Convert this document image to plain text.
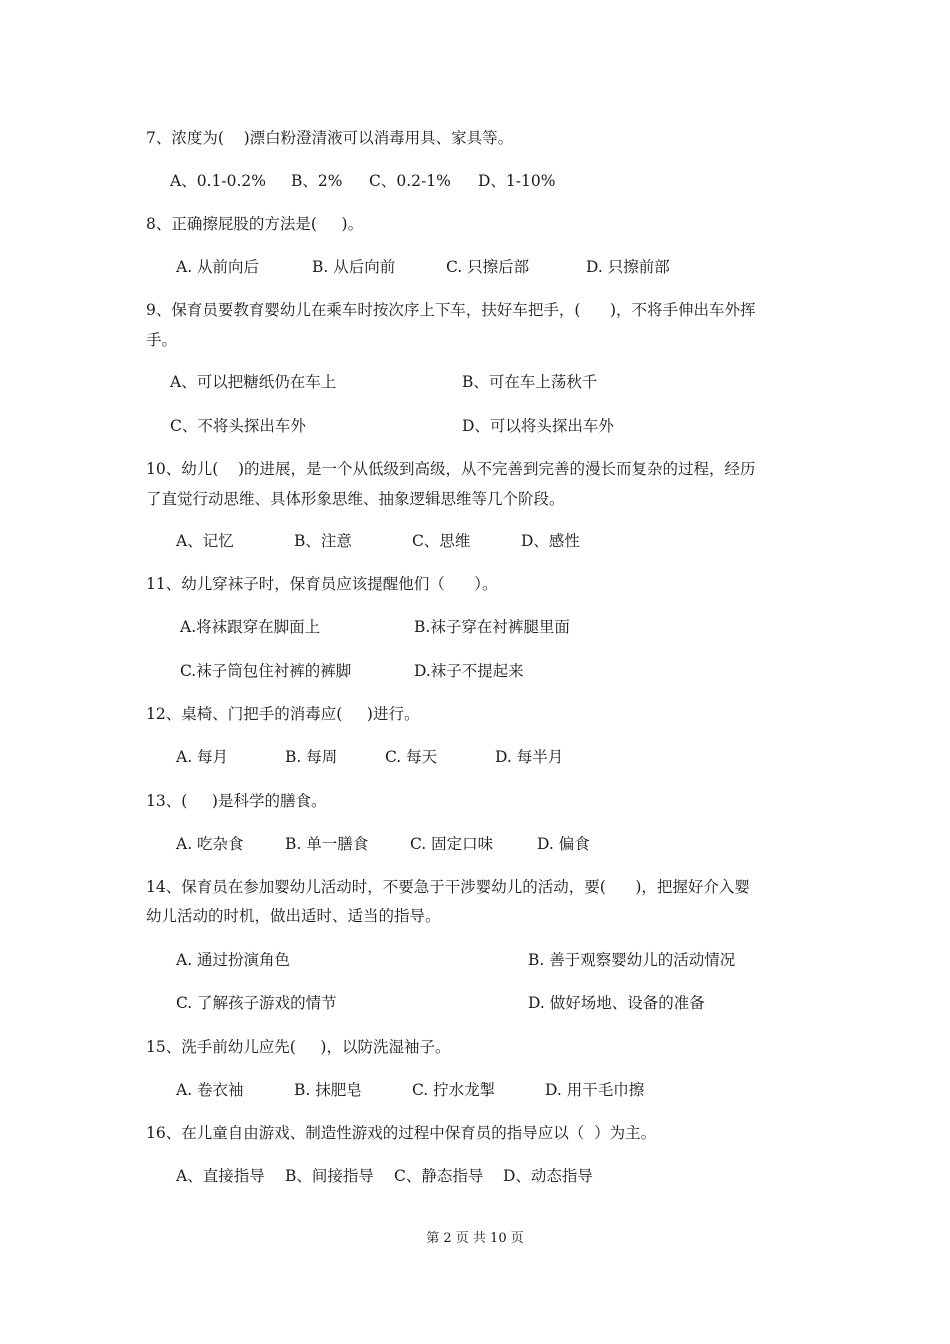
7、浓度为(    )漂白粉澄清液可以消毒用具、家具等。
A、0.1-0.2% B、2% C、0.2-1% D、1-10%
8、正确擦屁股的方法是(     )。
A. 从前向后	B. 从后向前	C. 只擦后部	D. 只擦前部
9、保育员要教育婴幼儿在乘车时按次序上下车，扶好车把手，(      )，不将手伸出车外挥
手。
A、可以把糖纸仍在车上	B、可在车上荡秋千
C、不将头探出车外	D、可以将头探出车外
10、幼儿(    )的进展，是一个从低级到高级，从不完善到完善的漫长而复杂的过程，经历
了直觉行动思维、具体形象思维、抽象逻辑思维等几个阶段。
A、记忆	B、注意	C、思维	D、感性
11、幼儿穿袜子时，保育员应该提醒他们（      ）。
A.将袜跟穿在脚面上	B.袜子穿在衬裤腿里面
C.袜子筒包住衬裤的裤脚	D.袜子不提起来
12、桌椅、门把手的消毒应(     )进行。
A. 每月	B. 每周	C. 每天	D. 每半月
13、(     )是科学的膳食。
A. 吃杂食	B. 单一膳食	C. 固定口味	D. 偏食
14、保育员在参加婴幼儿活动时，不要急于干涉婴幼儿的活动，要(      )，把握好介入婴
幼儿活动的时机，做出适时、适当的指导。
A. 通过扮演角色	B. 善于观察婴幼儿的活动情况
C. 了解孩子游戏的情节	D. 做好场地、设备的准备
15、洗手前幼儿应先(     )，以防洗湿袖子。
A. 卷衣袖	B. 抹肥皂	C. 拧水龙掣	D. 用干毛巾擦
16、在儿童自由游戏、制造性游戏的过程中保育员的指导应以（  ）为主。
A、直接指导 B、间接指导 C、静态指导 D、动态指导
第 2 页 共 10 页
